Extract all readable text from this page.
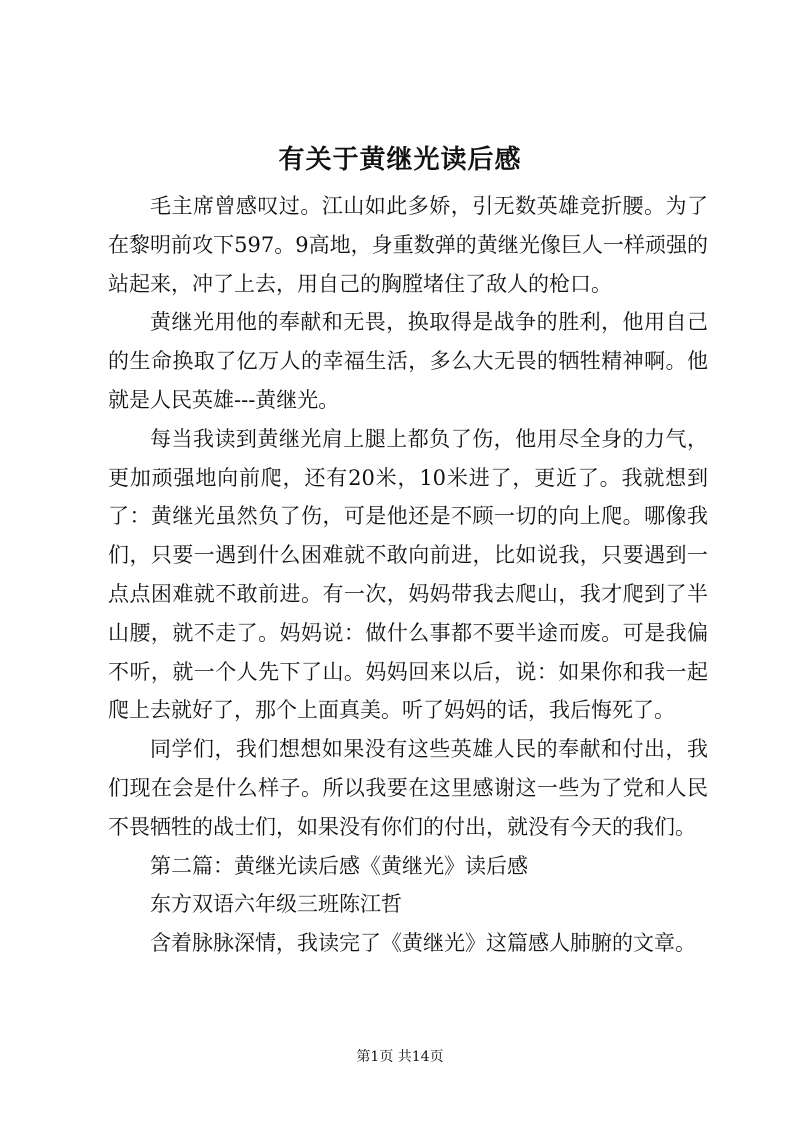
有关于黄继光读后感

毛主席曾感叹过。江山如此多娇，引无数英雄竞折腰。为了在黎明前攻下597。9高地，身重数弹的黄继光像巨人一样顽强的站起来，冲了上去，用自己的胸膛堵住了敌人的枪口。

黄继光用他的奉献和无畏，换取得是战争的胜利，他用自己的生命换取了亿万人的幸福生活，多么大无畏的牺牲精神啊。他就是人民英雄---黄继光。

每当我读到黄继光肩上腿上都负了伤，他用尽全身的力气，更加顽强地向前爬，还有20米，10米进了，更近了。我就想到了：黄继光虽然负了伤，可是他还是不顾一切的向上爬。哪像我们，只要一遇到什么困难就不敢向前进，比如说我，只要遇到一点点困难就不敢前进。有一次，妈妈带我去爬山，我才爬到了半山腰，就不走了。妈妈说：做什么事都不要半途而废。可是我偏不听，就一个人先下了山。妈妈回来以后，说：如果你和我一起爬上去就好了，那个上面真美。听了妈妈的话，我后悔死了。

同学们，我们想想如果没有这些英雄人民的奉献和付出，我们现在会是什么样子。所以我要在这里感谢这一些为了党和人民不畏牺牲的战士们，如果没有你们的付出，就没有今天的我们。

第二篇：黄继光读后感《黄继光》读后感

东方双语六年级三班陈江哲

含着脉脉深情，我读完了《黄继光》这篇感人肺腑的文章。

第1页 共14页
